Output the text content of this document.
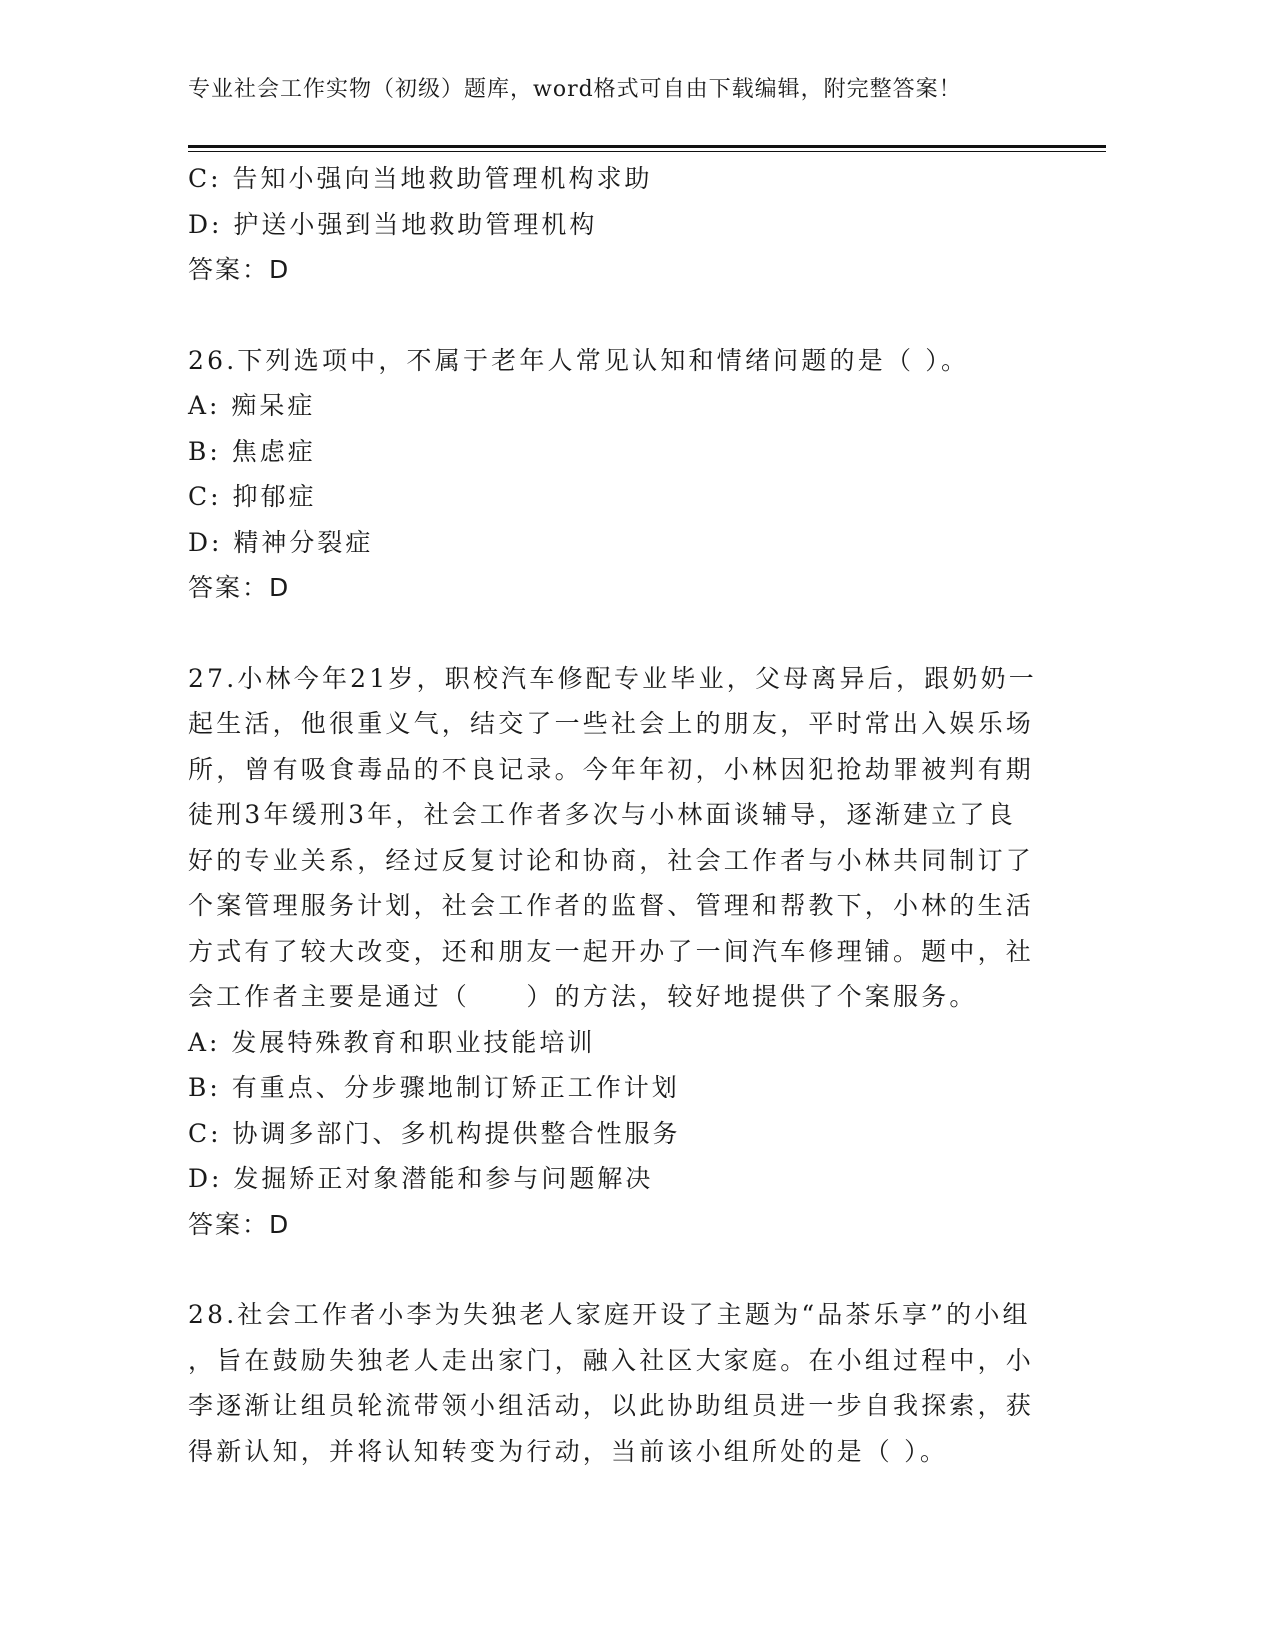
专业社会工作实物（初级）题库，word格式可自由下载编辑，附完整答案！
C: 告知小强向当地救助管理机构求助
D: 护送小强到当地救助管理机构
答案：D
26.下列选项中，不属于老年人常见认知和情绪问题的是（ ）。
A: 痴呆症
B: 焦虑症
C: 抑郁症
D: 精神分裂症
答案：D
27.小林今年21岁，职校汽车修配专业毕业，父母离异后，跟奶奶一
起生活，他很重义气，结交了一些社会上的朋友，平时常出入娱乐场
所，曾有吸食毒品的不良记录。今年年初，小林因犯抢劫罪被判有期
徒刑3年缓刑3年，社会工作者多次与小林面谈辅导，逐渐建立了良
好的专业关系，经过反复讨论和协商，社会工作者与小林共同制订了
个案管理服务计划，社会工作者的监督、管理和帮教下，小林的生活
方式有了较大改变，还和朋友一起开办了一间汽车修理铺。题中，社
会工作者主要是通过（　　）的方法，较好地提供了个案服务。
A: 发展特殊教育和职业技能培训
B: 有重点、分步骤地制订矫正工作计划
C: 协调多部门、多机构提供整合性服务
D: 发掘矫正对象潜能和参与问题解决
答案：D
28.社会工作者小李为失独老人家庭开设了主题为“品茶乐享”的小组
，旨在鼓励失独老人走出家门，融入社区大家庭。在小组过程中，小
李逐渐让组员轮流带领小组活动，以此协助组员进一步自我探索，获
得新认知，并将认知转变为行动，当前该小组所处的是（ ）。
